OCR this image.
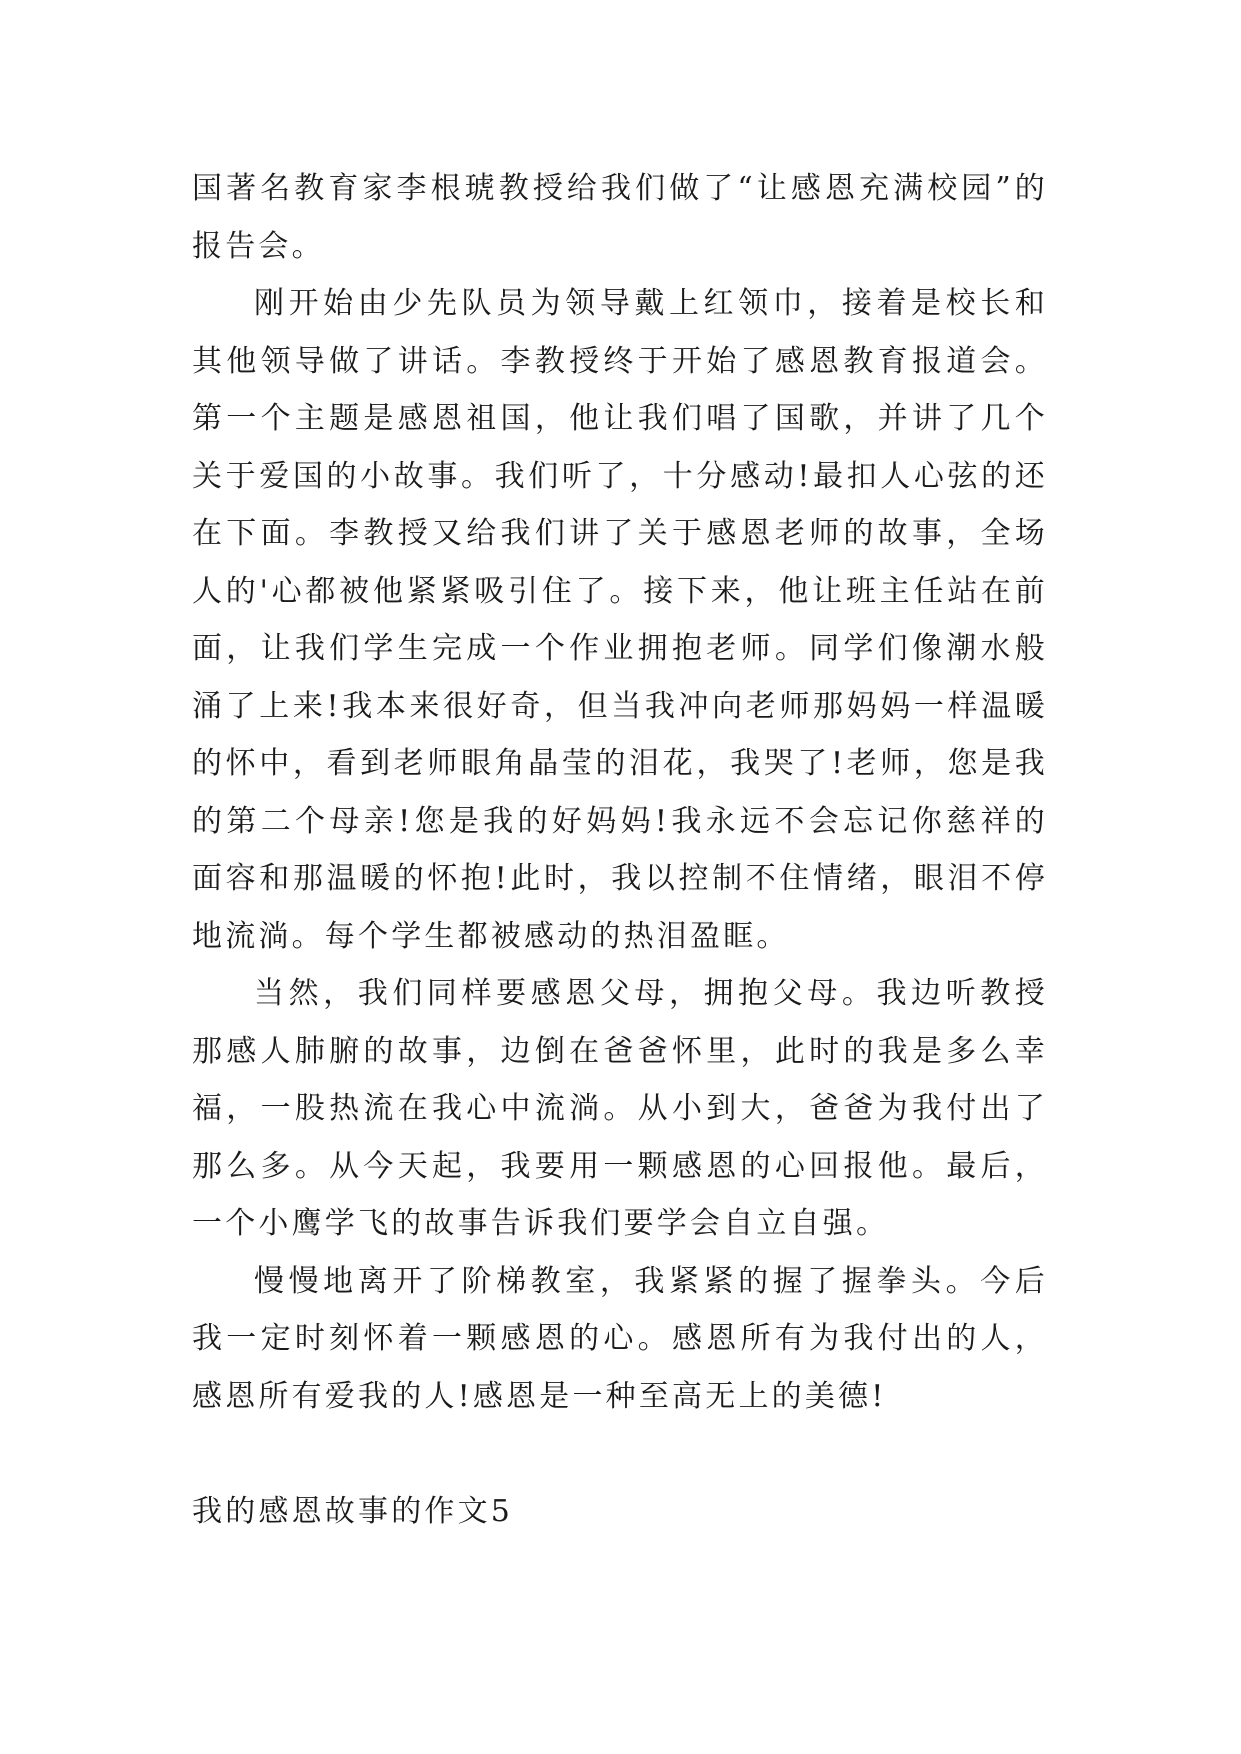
国著名教育家李根琥教授给我们做了“让感恩充满校园”的报告会。

刚开始由少先队员为领导戴上红领巾，接着是校长和其他领导做了讲话。李教授终于开始了感恩教育报道会。第一个主题是感恩祖国，他让我们唱了国歌，并讲了几个关于爱国的小故事。我们听了，十分感动!最扣人心弦的还在下面。李教授又给我们讲了关于感恩老师的故事，全场人的'心都被他紧紧吸引住了。接下来，他让班主任站在前面，让我们学生完成一个作业拥抱老师。同学们像潮水般涌了上来!我本来很好奇，但当我冲向老师那妈妈一样温暖的怀中，看到老师眼角晶莹的泪花，我哭了!老师，您是我的第二个母亲!您是我的好妈妈!我永远不会忘记你慈祥的面容和那温暖的怀抱!此时，我以控制不住情绪，眼泪不停地流淌。每个学生都被感动的热泪盈眶。

当然，我们同样要感恩父母，拥抱父母。我边听教授那感人肺腑的故事，边倒在爸爸怀里，此时的我是多么幸福，一股热流在我心中流淌。从小到大，爸爸为我付出了那么多。从今天起，我要用一颗感恩的心回报他。最后，一个小鹰学飞的故事告诉我们要学会自立自强。

慢慢地离开了阶梯教室，我紧紧的握了握拳头。今后我一定时刻怀着一颗感恩的心。感恩所有为我付出的人，感恩所有爱我的人!感恩是一种至高无上的美德!

我的感恩故事的作文5
